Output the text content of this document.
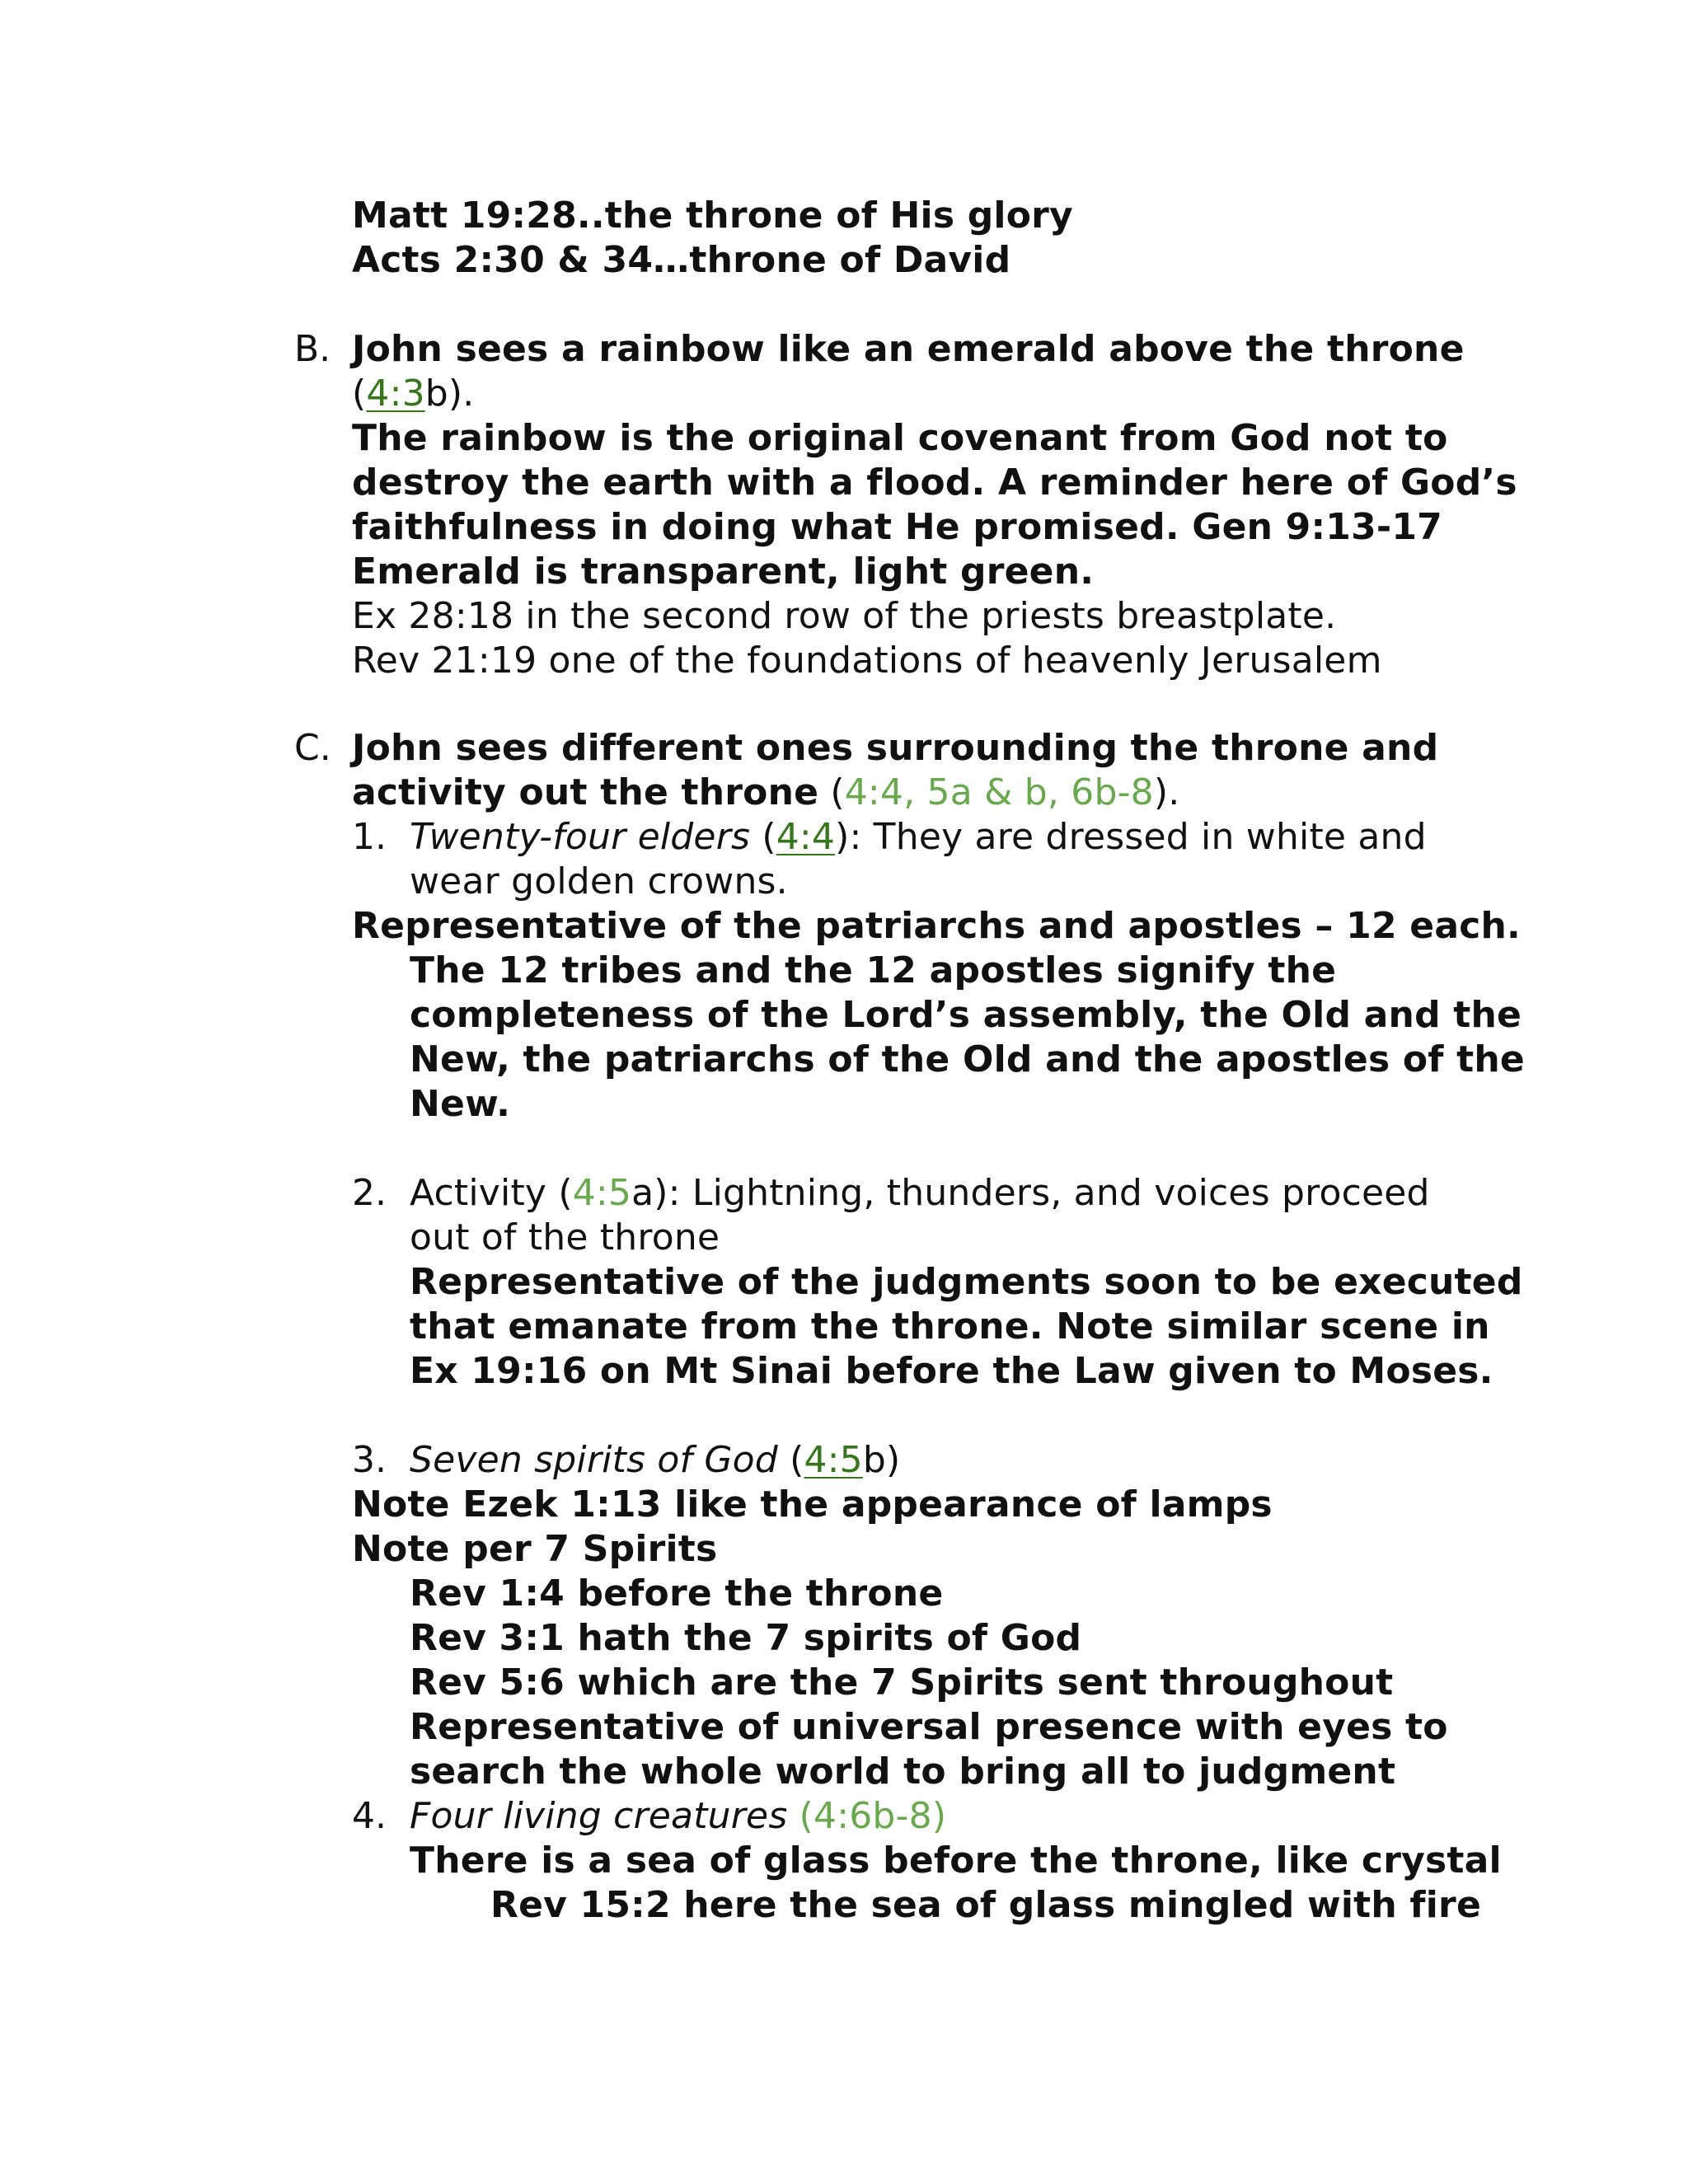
Matt 19:28..the throne of His glory
Acts 2:30 & 34…throne of David
B. John sees a rainbow like an emerald above the throne
(4:3b).
The rainbow is the original covenant from God not to
destroy the earth with a flood. A reminder here of God’s
faithfulness in doing what He promised. Gen 9:13-17
Emerald is transparent, light green.
Ex 28:18 in the second row of the priests breastplate.
Rev 21:19 one of the foundations of heavenly Jerusalem
C. John sees different ones surrounding the throne and
activity out the throne (4:4, 5a & b, 6b-8).
1. Twenty-four elders (4:4): They are dressed in white and
wear golden crowns.
Representative of the patriarchs and apostles – 12 each.
The 12 tribes and the 12 apostles signify the
completeness of the Lord’s assembly, the Old and the
New, the patriarchs of the Old and the apostles of the
New.
2. Activity (4:5a): Lightning, thunders, and voices proceed
out of the throne
Representative of the judgments soon to be executed
that emanate from the throne. Note similar scene in
Ex 19:16 on Mt Sinai before the Law given to Moses.
3. Seven spirits of God (4:5b)
Note Ezek 1:13 like the appearance of lamps
Note per 7 Spirits
Rev 1:4 before the throne
Rev 3:1 hath the 7 spirits of God
Rev 5:6 which are the 7 Spirits sent throughout
Representative of universal presence with eyes to
search the whole world to bring all to judgment
4. Four living creatures (4:6b-8)
There is a sea of glass before the throne, like crystal
Rev 15:2 here the sea of glass mingled with fire
